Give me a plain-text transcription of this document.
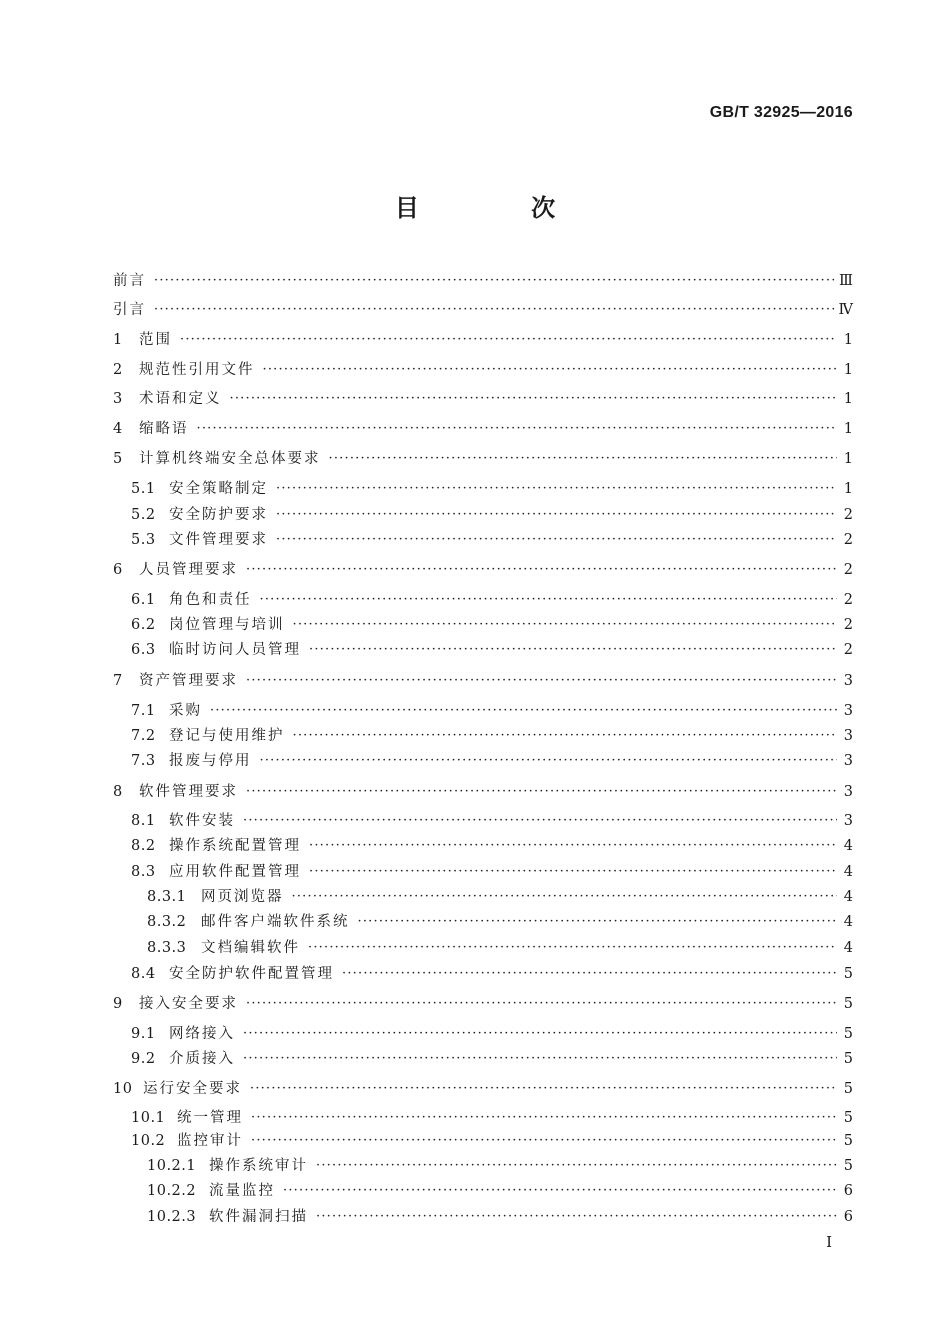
GB/T 32925—2016
目 次
前言 ·····	Ⅲ
引言 ·····	Ⅳ
1	范围 ·····	1
2	规范性引用文件 ·····	1
3	术语和定义 ·····	1
4	缩略语 ·····	1
5	计算机终端安全总体要求 ·····	1
5.1 安全策略制定 ·····	1
5.2 安全防护要求 ·····	2
5.3 文件管理要求 ·····	2
6	人员管理要求 ·····	2
6.1 角色和责任 ·····	2
6.2 岗位管理与培训 ·····	2
6.3 临时访问人员管理 ·····	2
7	资产管理要求 ·····	3
7.1 采购 ·····	3
7.2 登记与使用维护 ·····	3
7.3 报废与停用 ·····	3
8	软件管理要求 ·····	3
8.1 软件安装 ·····	3
8.2 操作系统配置管理 ·····	4
8.3 应用软件配置管理 ·····	4
8.3.1	网页浏览器 ·····	4
8.3.2	邮件客户端软件系统 ·····	4
8.3.3	文档编辑软件 ·····	4
8.4 安全防护软件配置管理 ·····	5
9	接入安全要求 ·····	5
9.1 网络接入 ·····	5
9.2 介质接入 ·····	5
10 运行安全要求 ·····	5
10.1 统一管理 ·····	5
10.2 监控审计 ·····	5
10.2.1 操作系统审计 ·····	5
10.2.2 流量监控 ·····	6
10.2.3 软件漏洞扫描 ·····	6
I
